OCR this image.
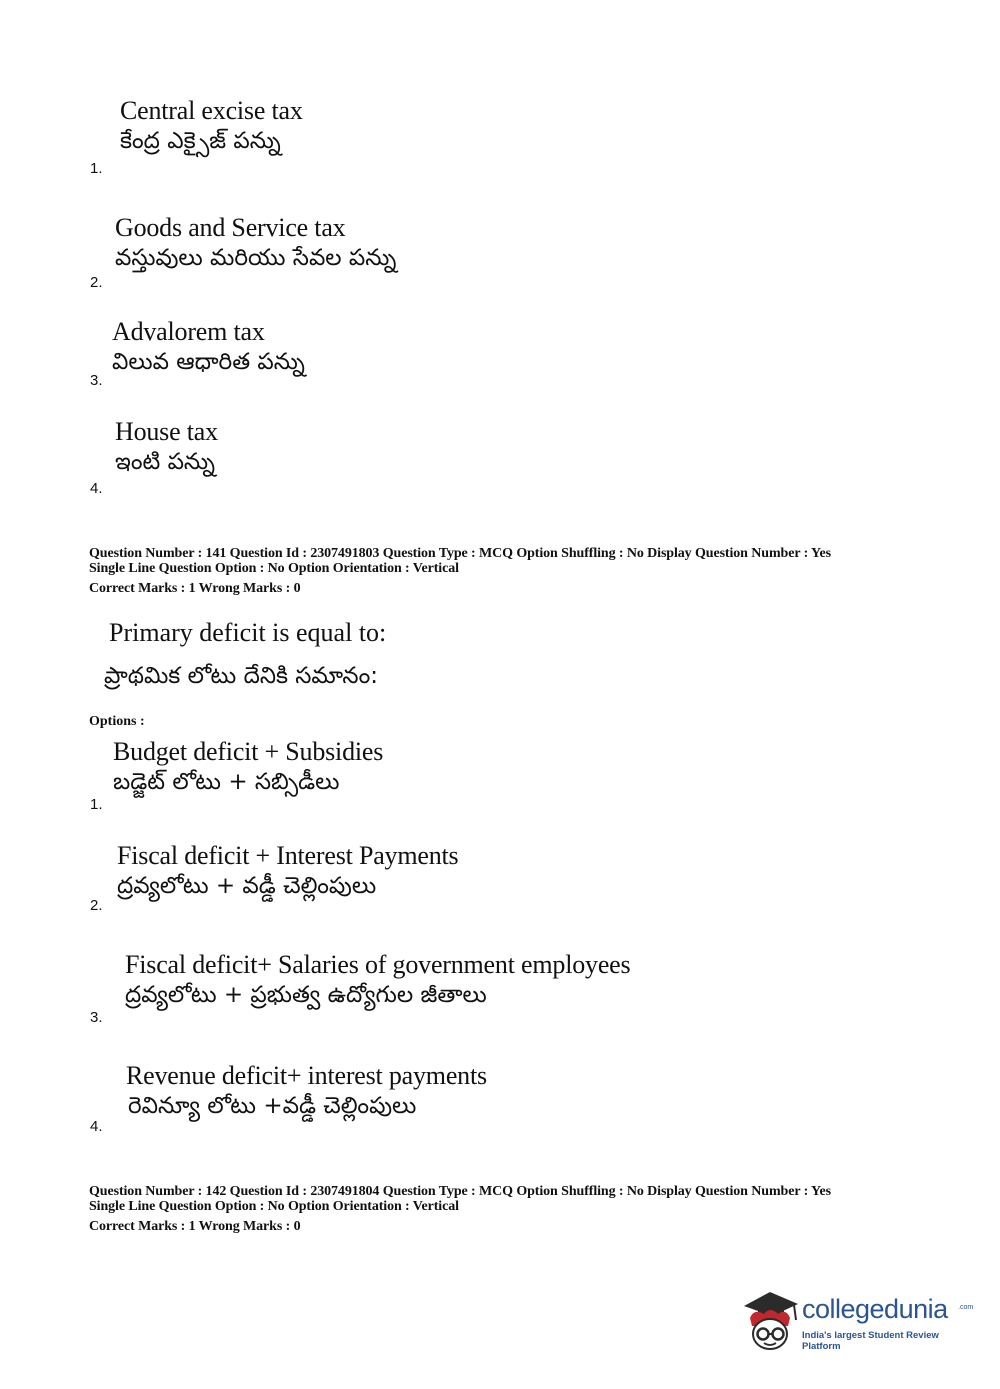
Central excise tax
కేంద్ర ఎక్సైజ్ పన్ను
1.
Goods and Service tax
వస్తువులు మరియు సేవల పన్ను
2.
Advalorem tax
విలువ ఆధారిత పన్ను
3.
House tax
ఇంటి పన్ను
4.
Question Number : 141 Question Id : 2307491803 Question Type : MCQ Option Shuffling : No Display Question Number : Yes
Single Line Question Option : No Option Orientation : Vertical
Correct Marks : 1 Wrong Marks : 0
Primary deficit is equal to:
ప్రాథమిక లోటు దేనికి సమానం:
Options :
Budget deficit + Subsidies
బడ్జెట్ లోటు + సబ్సిడీలు
1.
Fiscal deficit + Interest Payments
ద్రవ్యలోటు + వడ్డీ చెల్లింపులు
2.
Fiscal deficit+ Salaries of government employees
ద్రవ్యలోటు + ప్రభుత్వ ఉద్యోగుల జీతాలు
3.
Revenue deficit+ interest payments
రెవిన్యూ లోటు +వడ్డీ చెల్లింపులు
4.
Question Number : 142 Question Id : 2307491804 Question Type : MCQ Option Shuffling : No Display Question Number : Yes
Single Line Question Option : No Option Orientation : Vertical
Correct Marks : 1 Wrong Marks : 0
collegedunia .com
India's largest Student Review Platform
